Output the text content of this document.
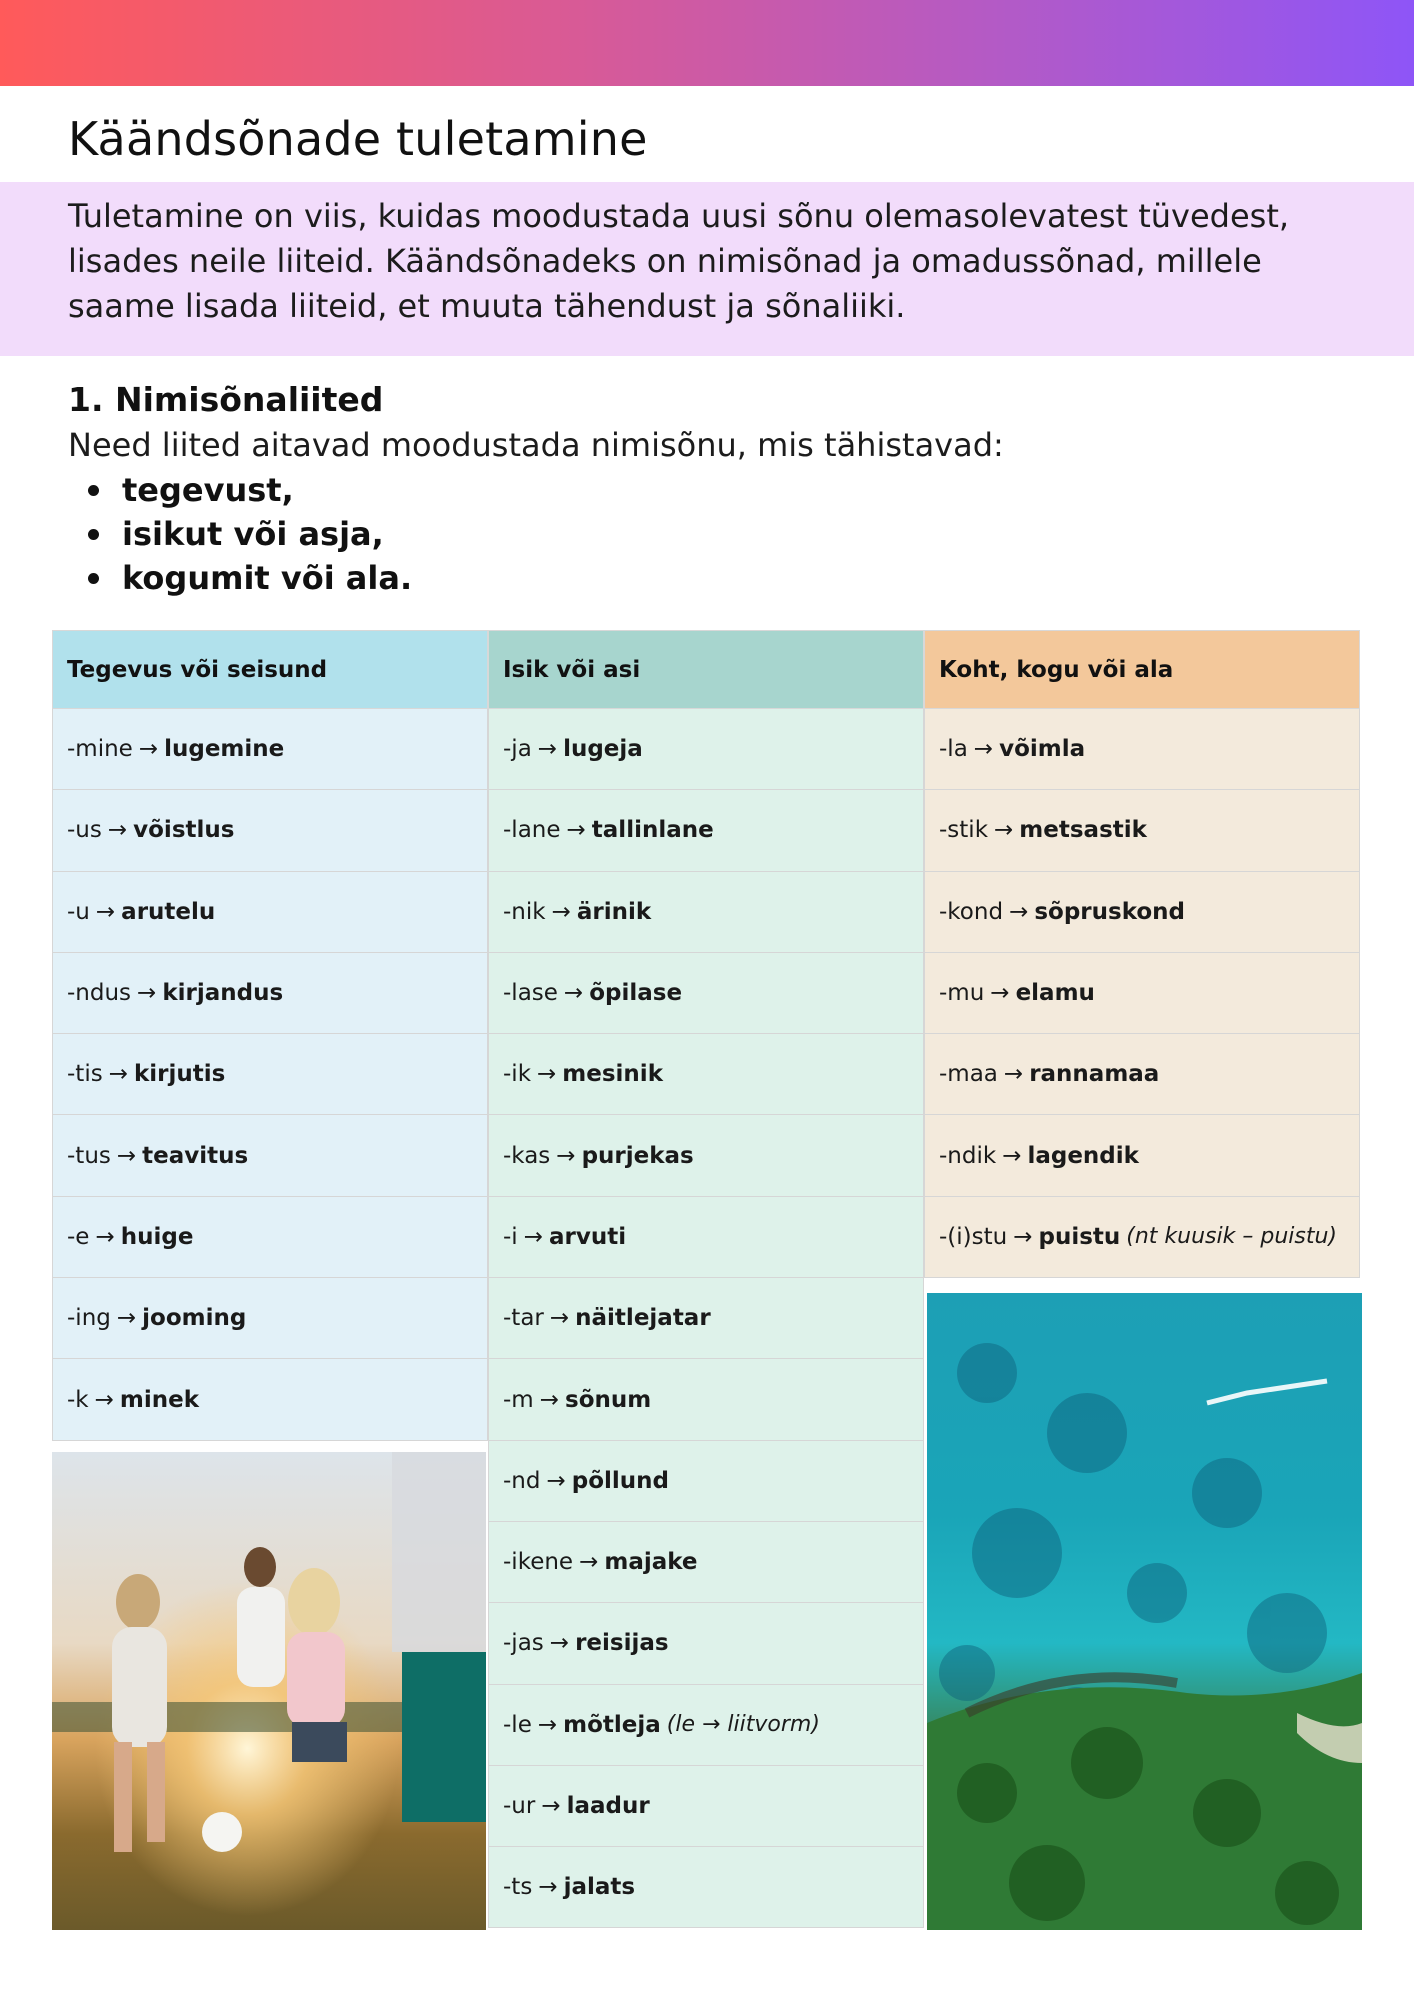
Käändsõnade tuletamine

Tuletamine on viis, kuidas moodustada uusi sõnu olemasolevatest tüvedest, lisades neile liiteid. Käändsõnadeks on nimisõnad ja omadussõnad, millele saame lisada liiteid, et muuta tähendust ja sõnaliiki.

1. Nimisõnaliited

Need liited aitavad moodustada nimisõnu, mis tähistavad:

tegevust,
isikut või asja,
kogumit või ala.
Tegevus või seisund
-mine → lugemine
-us → võistlus
-u → arutelu
-ndus → kirjandus
-tis → kirjutis
-tus → teavitus
-e → huige
-ing → jooming
-k → minek
Isik või asi
-ja → lugeja
-lane → tallinlane
-nik → ärinik
-lase → õpilase
-ik → mesinik
-kas → purjekas
-i → arvuti
-tar → näitlejatar
-m → sõnum
-nd → põllund
-ikene → majake
-jas → reisijas
-le → mõtleja (le → liitvorm)
-ur → laadur
-ts → jalats
Koht, kogu või ala
-la → võimla
-stik → metsastik
-kond → sõpruskond
-mu → elamu
-maa → rannamaa
-ndik → lagendik
-(i)stu → puistu (nt kuusik – puistu)
